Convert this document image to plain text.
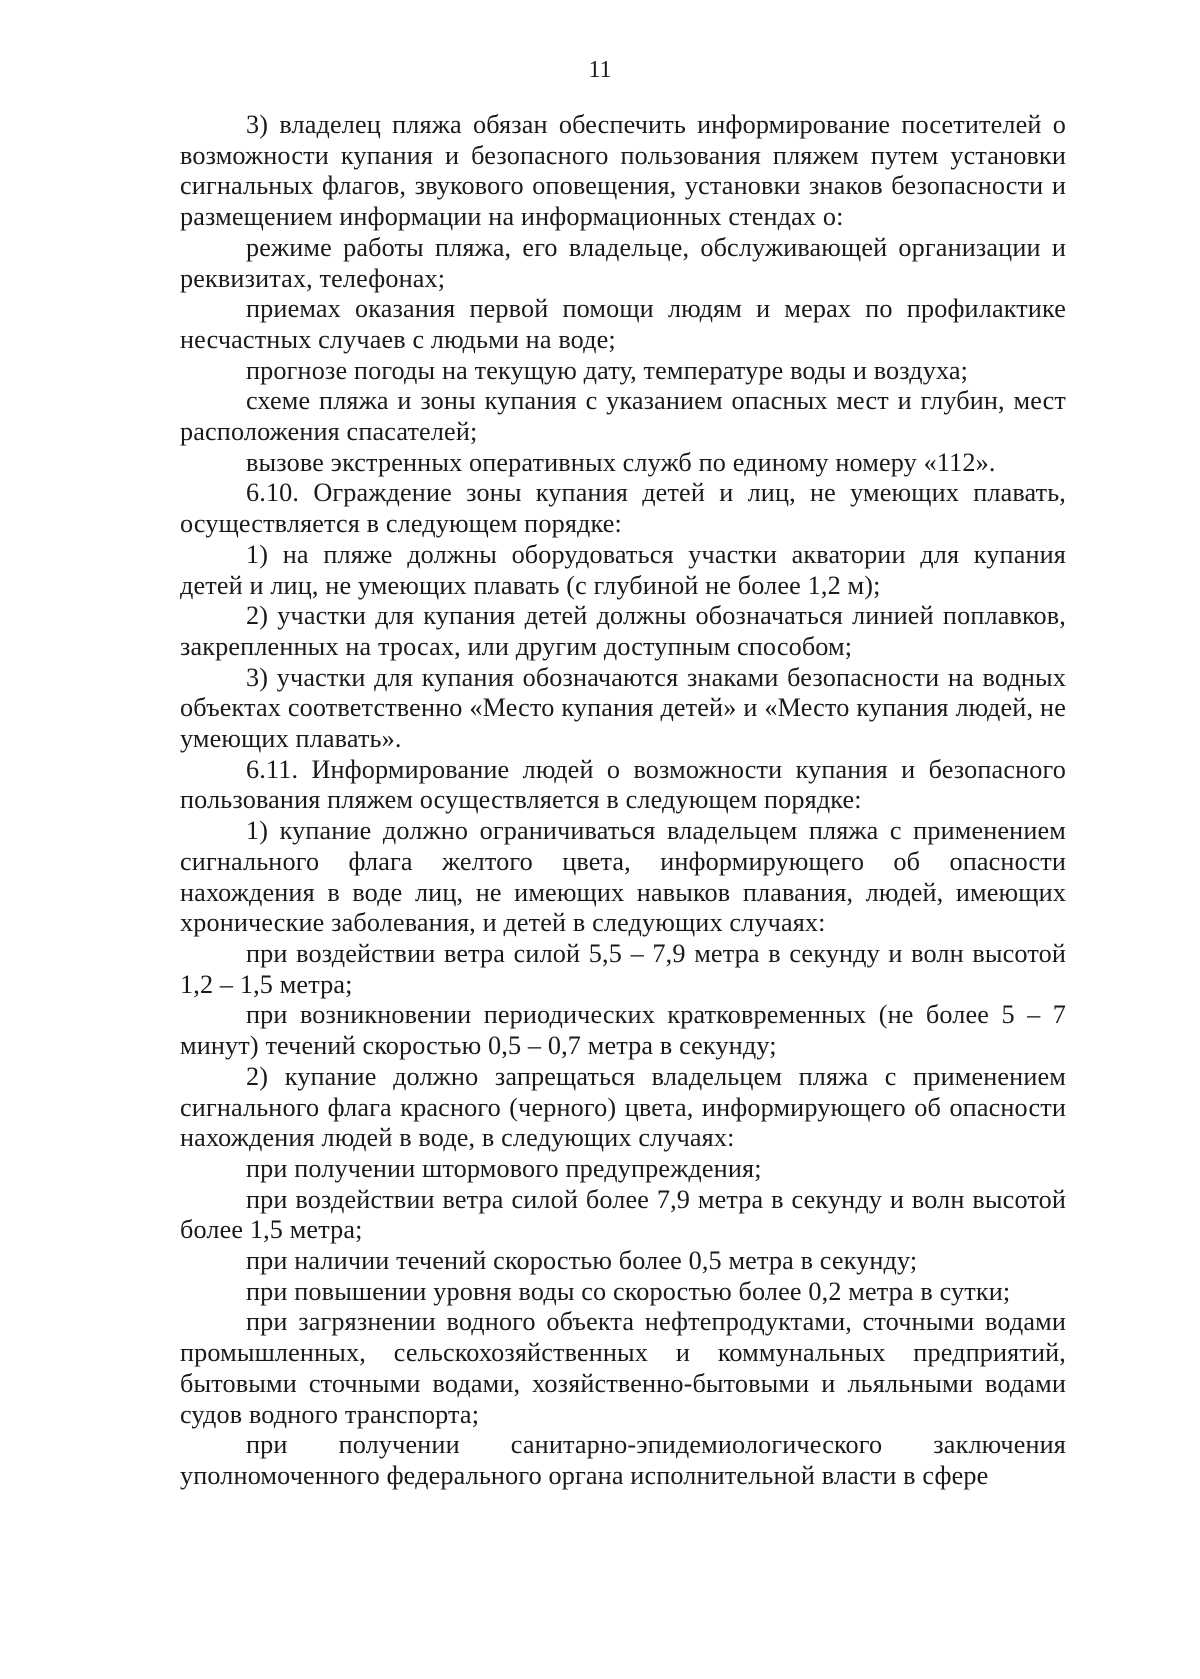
11

3) владелец пляжа обязан обеспечить информирование посетителей о возможности купания и безопасного пользования пляжем путем установки сигнальных флагов, звукового оповещения, установки знаков безопасности и размещением информации на информационных стендах о:

режиме работы пляжа, его владельце, обслуживающей организации и реквизитах, телефонах;

приемах оказания первой помощи людям и мерах по профилактике несчастных случаев с людьми на воде;

прогнозе погоды на текущую дату, температуре воды и воздуха;

схеме пляжа и зоны купания с указанием опасных мест и глубин, мест расположения спасателей;

вызове экстренных оперативных служб по единому номеру «112».

6.10. Ограждение зоны купания детей и лиц, не умеющих плавать, осуществляется в следующем порядке:

1) на пляже должны оборудоваться участки акватории для купания детей и лиц, не умеющих плавать (с глубиной не более 1,2 м);

2) участки для купания детей должны обозначаться линией поплавков, закрепленных на тросах, или другим доступным способом;

3) участки для купания обозначаются знаками безопасности на водных объектах соответственно «Место купания детей» и «Место купания людей, не умеющих плавать».

6.11. Информирование людей о возможности купания и безопасного пользования пляжем осуществляется в следующем порядке:

1) купание должно ограничиваться владельцем пляжа с применением сигнального флага желтого цвета, информирующего об опасности нахождения в воде лиц, не имеющих навыков плавания, людей, имеющих хронические заболевания, и детей в следующих случаях:

при воздействии ветра силой 5,5 – 7,9 метра в секунду и волн высотой 1,2 – 1,5 метра;

при возникновении периодических кратковременных (не более 5 – 7 минут) течений скоростью 0,5 – 0,7 метра в секунду;

2) купание должно запрещаться владельцем пляжа с применением сигнального флага красного (черного) цвета, информирующего об опасности нахождения людей в воде, в следующих случаях:

при получении штормового предупреждения;

при воздействии ветра силой более 7,9 метра в секунду и волн высотой более 1,5 метра;

при наличии течений скоростью более 0,5 метра в секунду;

при повышении уровня воды со скоростью более 0,2 метра в сутки;

при загрязнении водного объекта нефтепродуктами, сточными водами промышленных, сельскохозяйственных и коммунальных предприятий, бытовыми сточными водами, хозяйственно-бытовыми и льяльными водами судов водного транспорта;

при получении санитарно-эпидемиологического заключения уполномоченного федерального органа исполнительной власти в сфере
